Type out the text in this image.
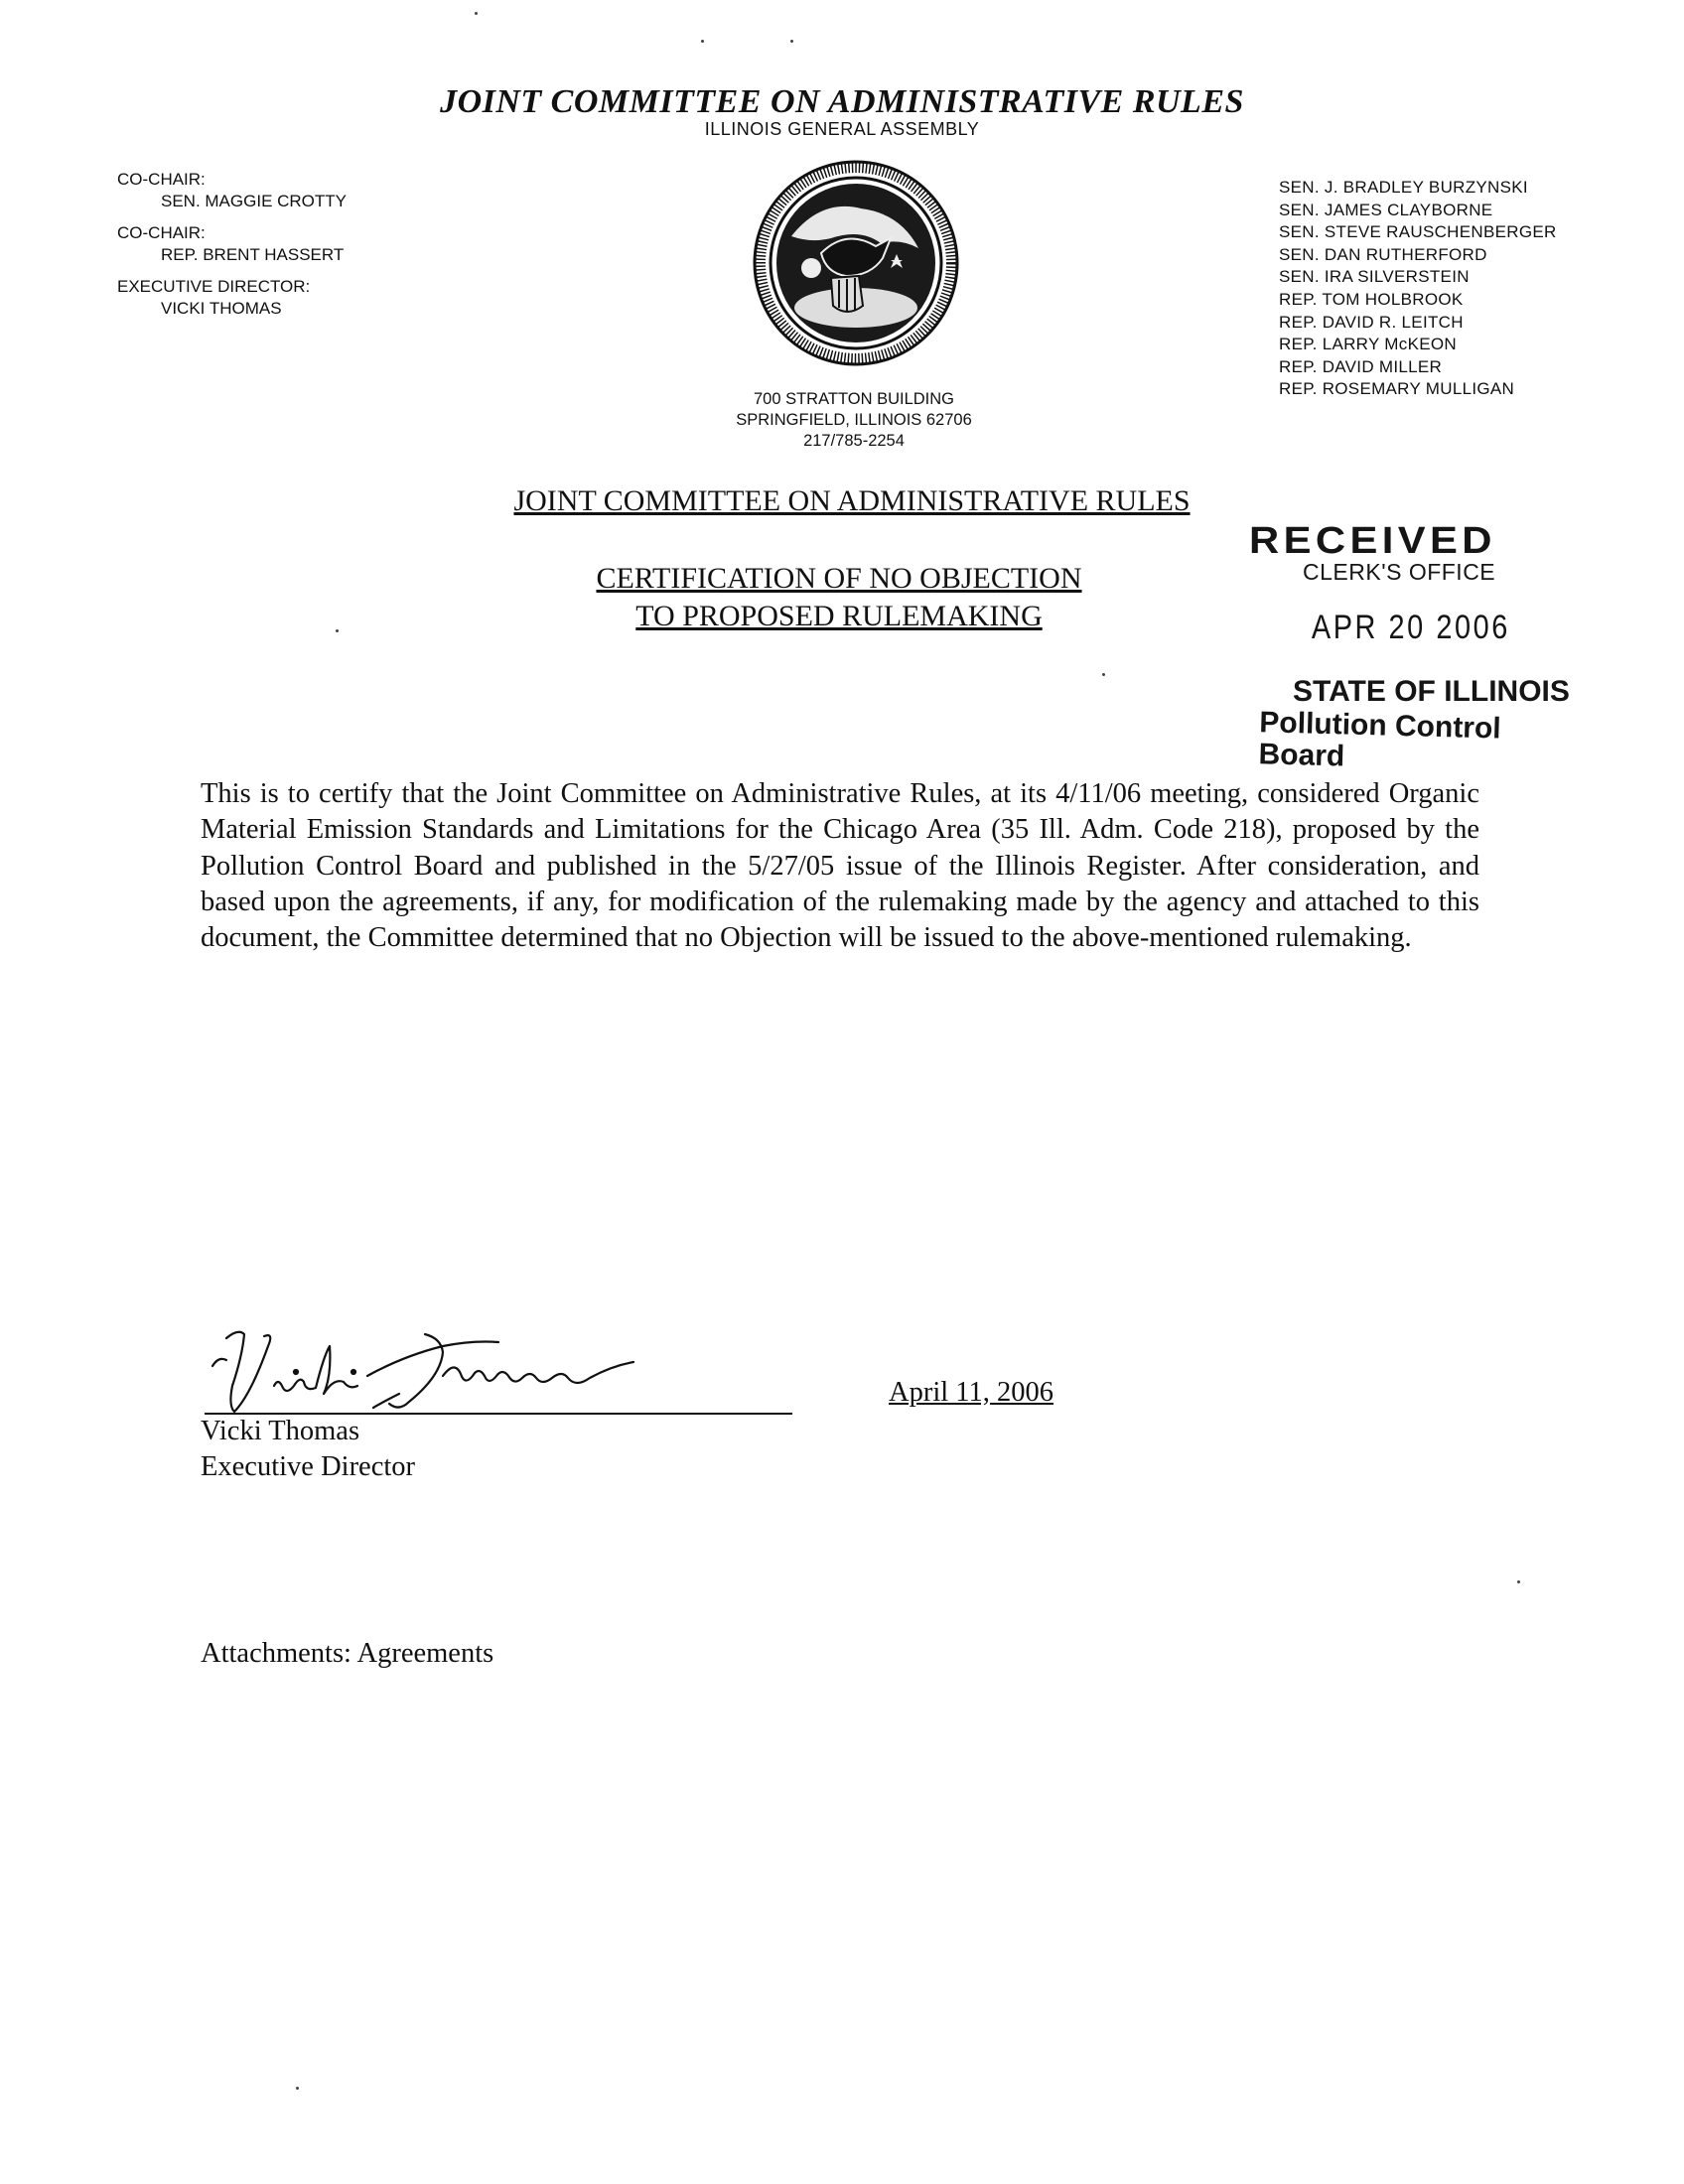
JOINT COMMITTEE ON ADMINISTRATIVE RULES
ILLINOIS GENERAL ASSEMBLY
CO-CHAIR:
SEN. MAGGIE CROTTY
CO-CHAIR:
REP. BRENT HASSERT
EXECUTIVE DIRECTOR:
VICKI THOMAS
SEN. J. BRADLEY BURZYNSKI
SEN. JAMES CLAYBORNE
SEN. STEVE RAUSCHENBERGER
SEN. DAN RUTHERFORD
SEN. IRA SILVERSTEIN
REP. TOM HOLBROOK
REP. DAVID R. LEITCH
REP. LARRY McKEON
REP. DAVID MILLER
REP. ROSEMARY MULLIGAN
700 STRATTON BUILDING
SPRINGFIELD, ILLINOIS 62706
217/785-2254
JOINT COMMITTEE ON ADMINISTRATIVE RULES
CERTIFICATION OF NO OBJECTION
TO PROPOSED RULEMAKING
RECEIVED
CLERK'S OFFICE
APR 20 2006
STATE OF ILLINOIS
Pollution Control Board
This is to certify that the Joint Committee on Administrative Rules, at its 4/11/06 meeting, considered Organic Material Emission Standards and Limitations for the Chicago Area (35 Ill. Adm. Code 218), proposed by the Pollution Control Board and published in the 5/27/05 issue of the Illinois Register. After consideration, and based upon the agreements, if any, for modification of the rulemaking made by the agency and attached to this document, the Committee determined that no Objection will be issued to the above-mentioned rulemaking.
Vicki Thomas
Executive Director
April 11, 2006
Attachments: Agreements
